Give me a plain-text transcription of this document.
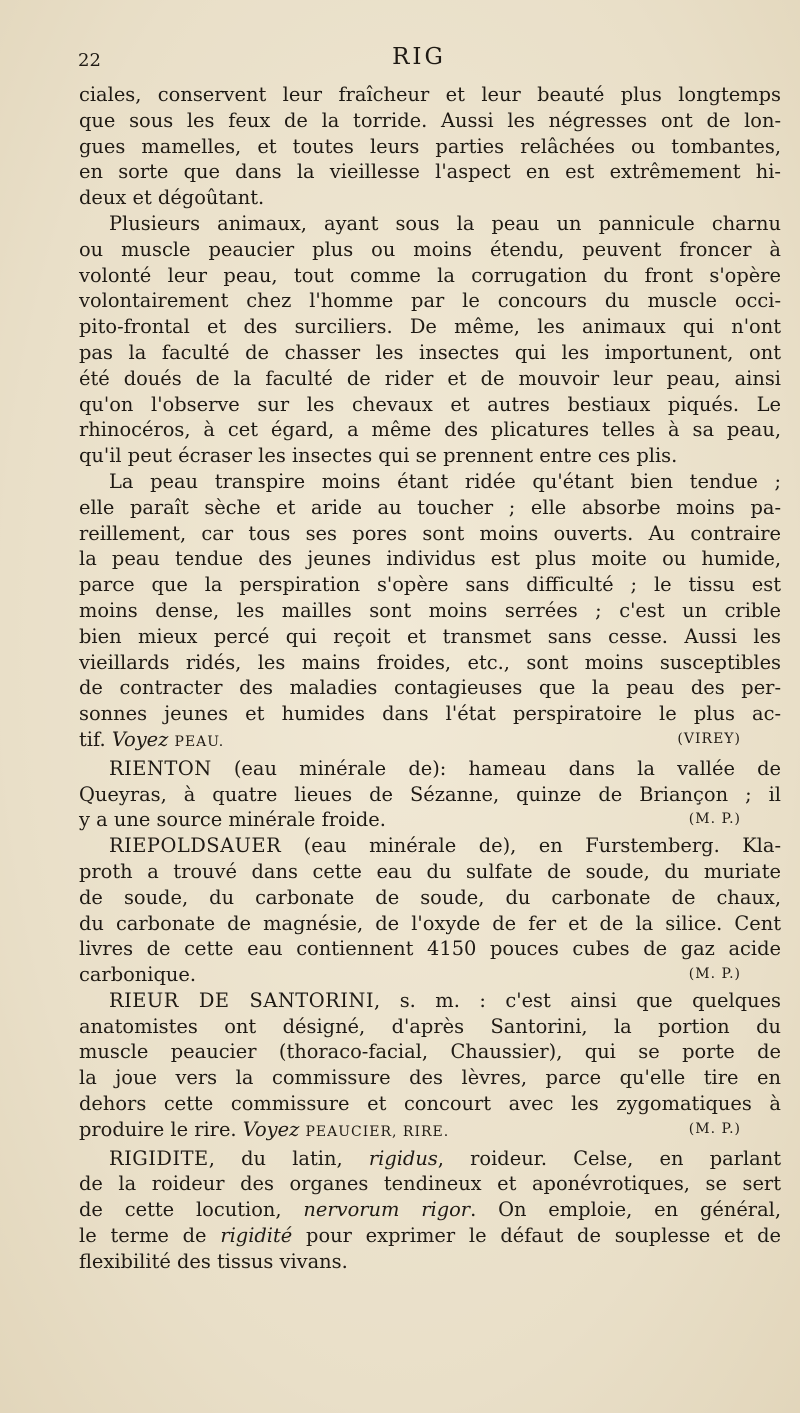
22	RIG

ciales, conservent leur fraîcheur et leur beauté plus longtemps

que sous les feux de la torride. Aussi les négresses ont de lon-

gues mamelles, et toutes leurs parties relâchées ou tombantes,

en sorte que dans la vieillesse l'aspect en est extrêmement hi-

deux et dégoûtant.

Plusieurs animaux, ayant sous la peau un pannicule charnu

ou muscle peaucier plus ou moins étendu, peuvent froncer à

volonté leur peau, tout comme la corrugation du front s'opère

volontairement chez l'homme par le concours du muscle occi-

pito-frontal et des surciliers. De même, les animaux qui n'ont

pas la faculté de chasser les insectes qui les importunent, ont

été doués de la faculté de rider et de mouvoir leur peau, ainsi

qu'on l'observe sur les chevaux et autres bestiaux piqués. Le

rhinocéros, à cet égard, a même des plicatures telles à sa peau,

qu'il peut écraser les insectes qui se prennent entre ces plis.

La peau transpire moins étant ridée qu'étant bien tendue ;

elle paraît sèche et aride au toucher ; elle absorbe moins pa-

reillement, car tous ses pores sont moins ouverts. Au contraire

la peau tendue des jeunes individus est plus moite ou humide,

parce que la perspiration s'opère sans difficulté ; le tissu est

moins dense, les mailles sont moins serrées ; c'est un crible

bien mieux percé qui reçoit et transmet sans cesse. Aussi les

vieillards ridés, les mains froides, etc., sont moins susceptibles

de contracter des maladies contagieuses que la peau des per-

sonnes jeunes et humides dans l'état perspiratoire le plus ac-

tif. Voyez PEAU.	(VIREY)

RIENTON (eau minérale de): hameau dans la vallée de

Queyras, à quatre lieues de Sézanne, quinze de Briançon ; il

y a une source minérale froide.	(M. P.)

RIEPOLDSAUER (eau minérale de), en Furstemberg. Kla-

proth a trouvé dans cette eau du sulfate de soude, du muriate

de soude, du carbonate de soude, du carbonate de chaux,

du carbonate de magnésie, de l'oxyde de fer et de la silice. Cent

livres de cette eau contiennent 4150 pouces cubes de gaz acide

carbonique.	(M. P.)

RIEUR DE SANTORINI, s. m. : c'est ainsi que quelques

anatomistes ont désigné, d'après Santorini, la portion du

muscle peaucier (thoraco-facial, Chaussier), qui se porte de

la joue vers la commissure des lèvres, parce qu'elle tire en

dehors cette commissure et concourt avec les zygomatiques à

produire le rire. Voyez PEAUCIER, RIRE.	(M. P.)

RIGIDITE, du latin, rigidus, roideur. Celse, en parlant

de la roideur des organes tendineux et aponévrotiques, se sert

de cette locution, nervorum rigor. On emploie, en général,

le terme de rigidité pour exprimer le défaut de souplesse et de

flexibilité des tissus vivans.
